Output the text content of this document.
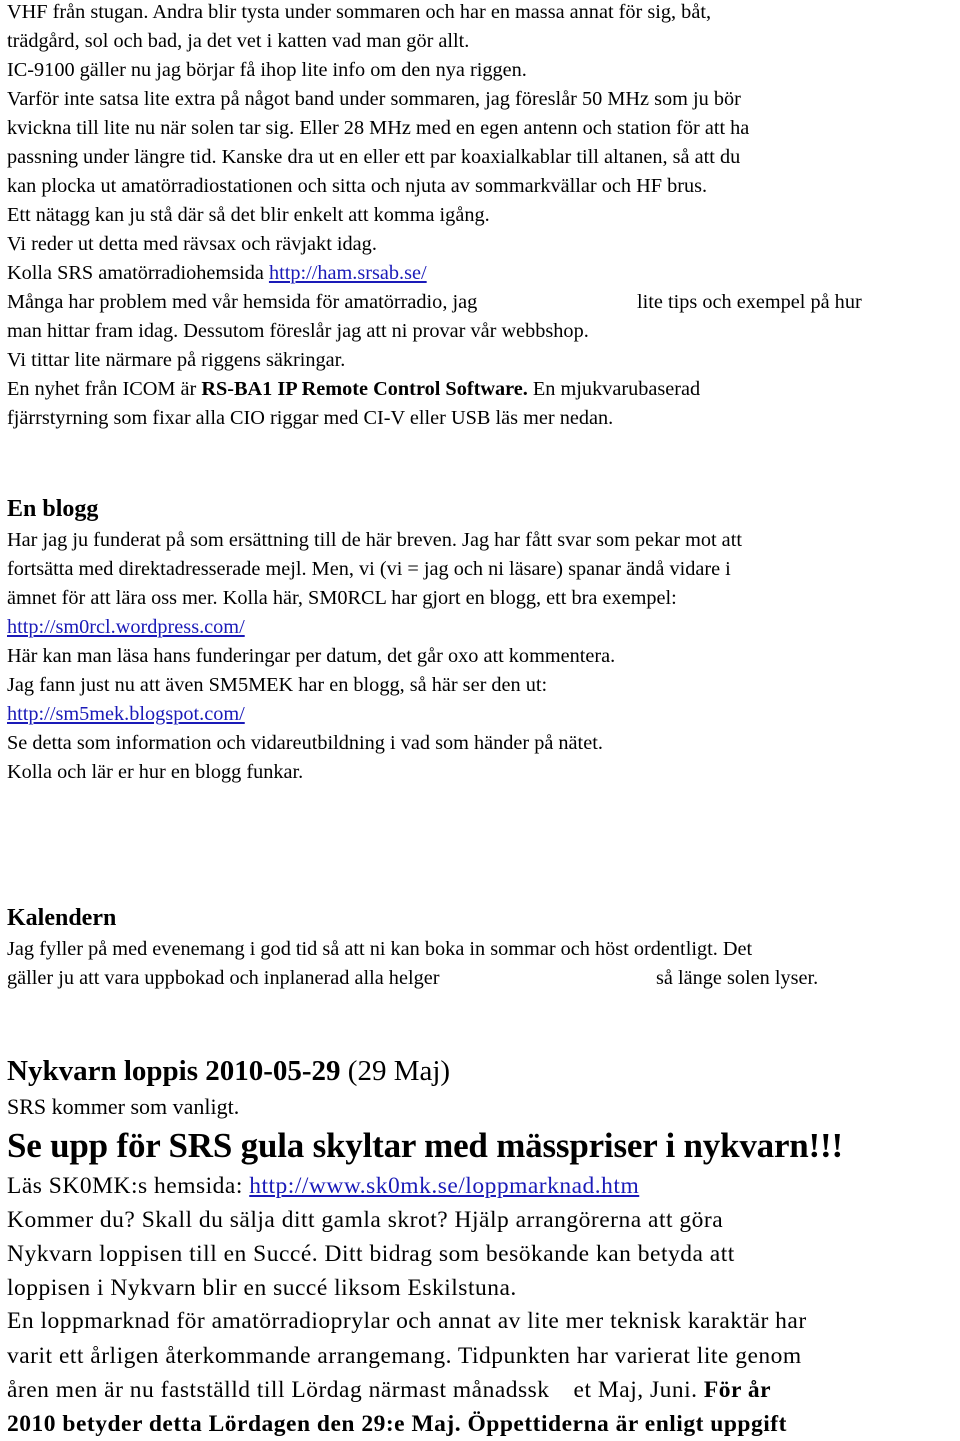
VHF från stugan. Andra blir tysta under sommaren och har en massa annat för sig, båt,
trädgård, sol och bad, ja det vet i katten vad man gör allt.
IC-9100 gäller nu jag börjar få ihop lite info om den nya riggen.
Varför inte satsa lite extra på något band under sommaren, jag föreslår 50 MHz som ju bör
kvickna till lite nu när solen tar sig. Eller 28 MHz med en egen antenn och station för att ha
passning under längre tid. Kanske dra ut en eller ett par koaxialkablar till altanen, så att du
kan plocka ut amatörradiostationen och sitta och njuta av sommarkvällar och HF brus.
Ett nätagg kan ju stå där så det blir enkelt att komma igång.
Vi reder ut detta med rävsax och rävjakt idag.
Kolla SRS amatörradiohemsida http://ham.srsab.se/
Många har problem med vår hemsida för amatörradio, jag	lite tips och exempel på hur
man hittar fram idag. Dessutom föreslår jag att ni provar vår webbshop.
Vi tittar lite närmare på riggens säkringar.
En nyhet från ICOM är RS-BA1 IP Remote Control Software. En mjukvarubaserad
fjärrstyrning som fixar alla CIO riggar med CI-V eller USB läs mer nedan.
En blogg
Har jag ju funderat på som ersättning till de här breven. Jag har fått svar som pekar mot att
fortsätta med direktadresserade mejl. Men, vi (vi = jag och ni läsare) spanar ändå vidare i
ämnet för att lära oss mer. Kolla här, SM0RCL har gjort en blogg, ett bra exempel:
http://sm0rcl.wordpress.com/
Här kan man läsa hans funderingar per datum, det går oxo att kommentera.
Jag fann just nu att även SM5MEK har en blogg, så här ser den ut:
http://sm5mek.blogspot.com/
Se detta som information och vidareutbildning i vad som händer på nätet.
Kolla och lär er hur en blogg funkar.
Kalendern
Jag fyller på med evenemang i god tid så att ni kan boka in sommar och höst ordentligt. Det
gäller ju att vara uppbokad och inplanerad alla helger	så länge solen lyser.
Nykvarn loppis 2010-05-29 (29 Maj)
SRS kommer som vanligt.
Se upp för SRS gula skyltar med mässpriser i nykvarn!!!
Läs SK0MK:s hemsida: http://www.sk0mk.se/loppmarknad.htm
Kommer du? Skall du sälja ditt gamla skrot? Hjälp arrangörerna att göra
Nykvarn loppisen till en Succé. Ditt bidrag som besökande kan betyda att
loppisen i Nykvarn blir en succé liksom Eskilstuna.
En loppmarknad för amatörradioprylar och annat av lite mer teknisk karaktär har
varit ett årligen återkommande arrangemang. Tidpunkten har varierat lite genom
åren men är nu fastställd till Lördag närmast månadssk et Maj, Juni. För år
2010 betyder detta Lördagen den 29:e Maj. Öppettiderna är enligt uppgift
